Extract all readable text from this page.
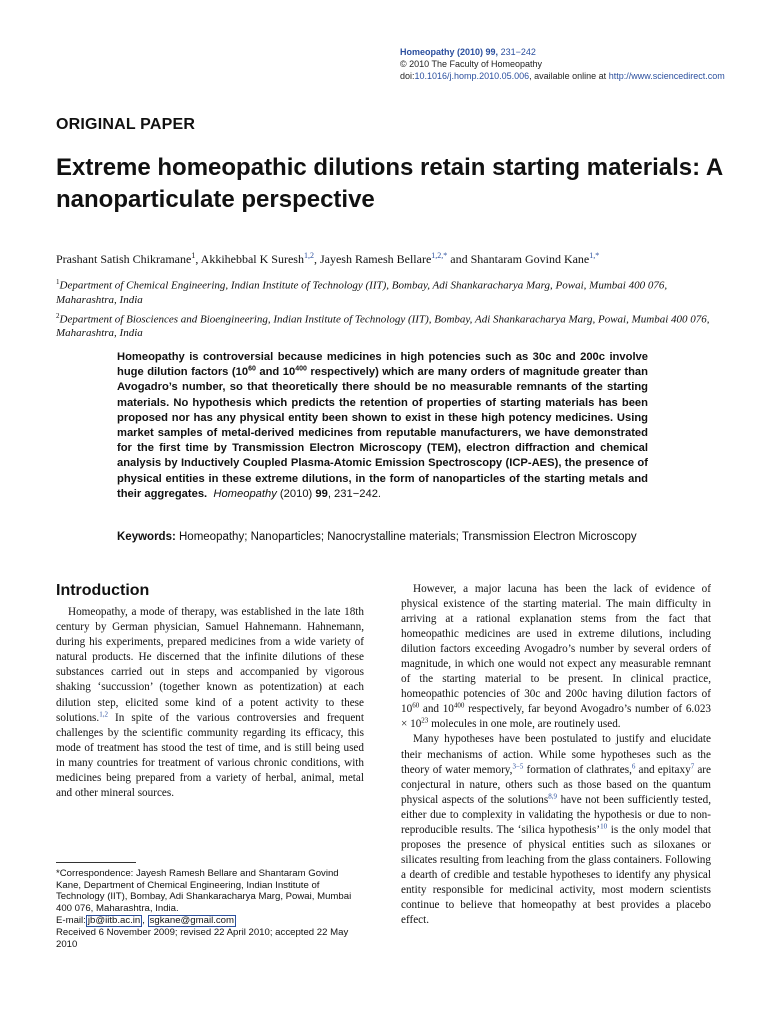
Homeopathy (2010) 99, 231−242
© 2010 The Faculty of Homeopathy
doi:10.1016/j.homp.2010.05.006, available online at http://www.sciencedirect.com
ORIGINAL PAPER
Extreme homeopathic dilutions retain starting materials: A nanoparticulate perspective
Prashant Satish Chikramane$^1$, Akkihebbal K Suresh$^{1,2}$, Jayesh Ramesh Bellare$^{1,2,*}$ and Shantaram Govind Kane$^{1,*}$

$^1$Department of Chemical Engineering, Indian Institute of Technology (IIT), Bombay, Adi Shankaracharya Marg, Powai, Mumbai 400 076, Maharashtra, India

$^2$Department of Biosciences and Bioengineering, Indian Institute of Technology (IIT), Bombay, Adi Shankaracharya Marg, Powai, Mumbai 400 076, Maharashtra, India

Homeopathy is controversial because medicines in high potencies such as 30c and 200c involve huge dilution factors ($10^{60}$ and $10^{400}$ respectively) which are many orders of magnitude greater than Avogadro’s number, so that theoretically there should be no measurable remnants of the starting materials. No hypothesis which predicts the retention of properties of starting materials has been proposed nor has any physical entity been shown to exist in these high potency medicines. Using market samples of metal-derived medicines from reputable manufacturers, we have demonstrated for the first time by Transmission Electron Microscopy (TEM), electron diffraction and chemical analysis by Inductively Coupled Plasma-Atomic Emission Spectroscopy (ICP-AES), the presence of physical entities in these extreme dilutions, in the form of nanoparticles of the starting metals and their aggregates. Homeopathy (2010) 99, 231−242.
Keywords: Homeopathy; Nanoparticles; Nanocrystalline materials; Transmission Electron Microscopy
Introduction

Homeopathy, a mode of therapy, was established in the late 18th century by German physician, Samuel Hahnemann. Hahnemann, during his experiments, prepared medicines from a wide variety of natural products. He discerned that the infinite dilutions of these substances carried out in steps and accompanied by vigorous shaking ‘succussion’ (together known as potentization) at each dilution step, elicited some kind of a potent activity to these solutions.$^{1,2}$ In spite of the various controversies and frequent challenges by the scientific community regarding its efficacy, this mode of treatment has stood the test of time, and is still being used in many countries for treatment of various chronic conditions, with medicines being prepared from a variety of herbal, animal, metal and other mineral sources.

However, a major lacuna has been the lack of evidence of physical existence of the starting material. The main difficulty in arriving at a rational explanation stems from the fact that homeopathic medicines are used in extreme dilutions, including dilution factors exceeding Avogadro’s number by several orders of magnitude, in which one would not expect any measurable remnant of the starting material to be present. In clinical practice, homeopathic potencies of 30c and 200c having dilution factors of $10^{60}$ and $10^{400}$ respectively, far beyond Avogadro’s number of $6.023 \times 10^{23}$ molecules in one mole, are routinely used.

Many hypotheses have been postulated to justify and elucidate their mechanisms of action. While some hypotheses such as the theory of water memory,$^{3-5}$ formation of clathrates,$^6$ and epitaxy$^7$ are conjectural in nature, others such as those based on the quantum physical aspects of the solutions$^{8,9}$ have not been sufficiently tested, either due to complexity in validating the hypothesis or due to non-reproducible results. The ‘silica hypothesis’$^{10}$ is the only model that proposes the presence of physical entities such as siloxanes or silicates resulting from leaching from the glass containers. Following a dearth of credible and testable hypotheses to identify any physical entity responsible for medicinal activity, most modern scientists continue to believe that homeopathy at best provides a placebo effect.

*Correspondence: Jayesh Ramesh Bellare and Shantaram Govind Kane, Department of Chemical Engineering, Indian Institute of Technology (IIT), Bombay, Adi Shankaracharya Marg, Powai, Mumbai 400 076, Maharashtra, India.
E-mail: jb@iitb.ac.in , sgkane@gmail.com
Received 6 November 2009; revised 22 April 2010; accepted 22 May 2010
